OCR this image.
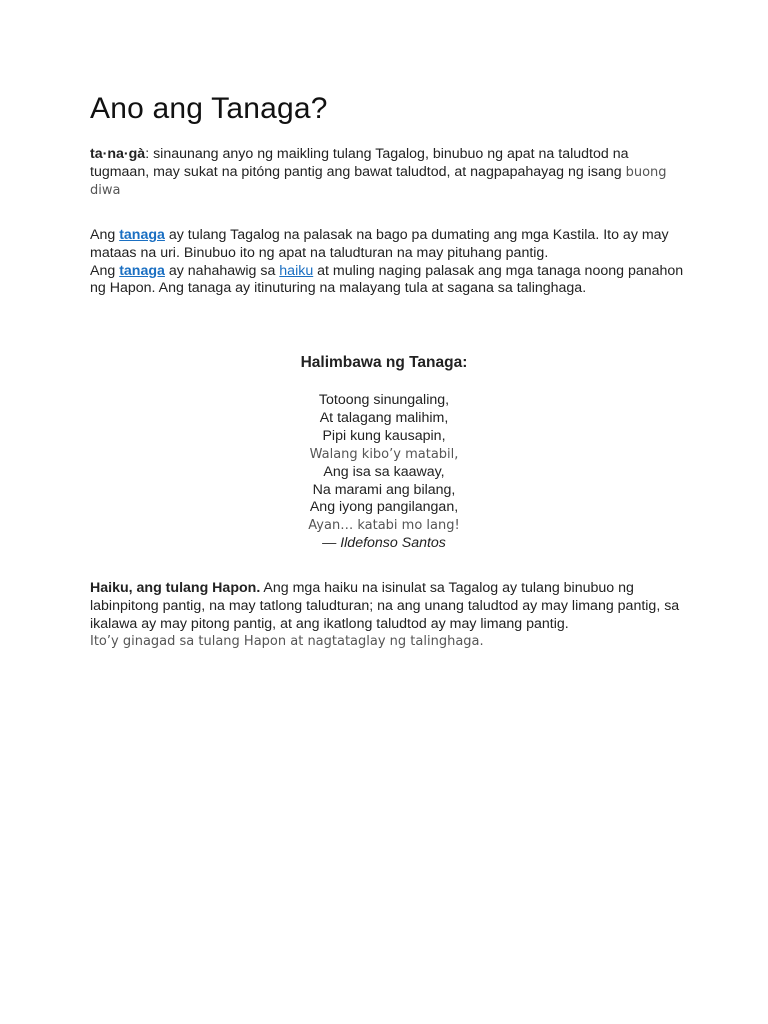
Ano ang Tanaga?

ta·na·gà: sinaunang anyo ng maikling tulang Tagalog, binubuo ng apat na taludtod na tugmaan, may sukat na pitóng pantig ang bawat taludtod, at nagpapahayag ng isang buong diwa

Ang tanaga ay tulang Tagalog na palasak na bago pa dumating ang mga Kastila. Ito ay may mataas na uri. Binubuo ito ng apat na taludturan na may pituhang pantig.
Ang tanaga ay nahahawig sa haiku at muling naging palasak ang mga tanaga noong panahon ng Hapon. Ang tanaga ay itinuturing na malayang tula at sagana sa talinghaga.

Halimbawa ng Tanaga:
Totoong sinungaling,
At talagang malihim,
Pipi kung kausapin,
Walang kibo’y matabil,
Ang isa sa kaaway,
Na marami ang bilang,
Ang iyong pangilangan,
Ayan… katabi mo lang!
— Ildefonso Santos

Haiku, ang tulang Hapon. Ang mga haiku na isinulat sa Tagalog ay tulang binubuo ng labinpitong pantig, na may tatlong taludturan; na ang unang taludtod ay may limang pantig, sa ikalawa ay may pitong pantig, at ang ikatlong taludtod ay may limang pantig.
Ito’y ginagad sa tulang Hapon at nagtataglay ng talinghaga.
